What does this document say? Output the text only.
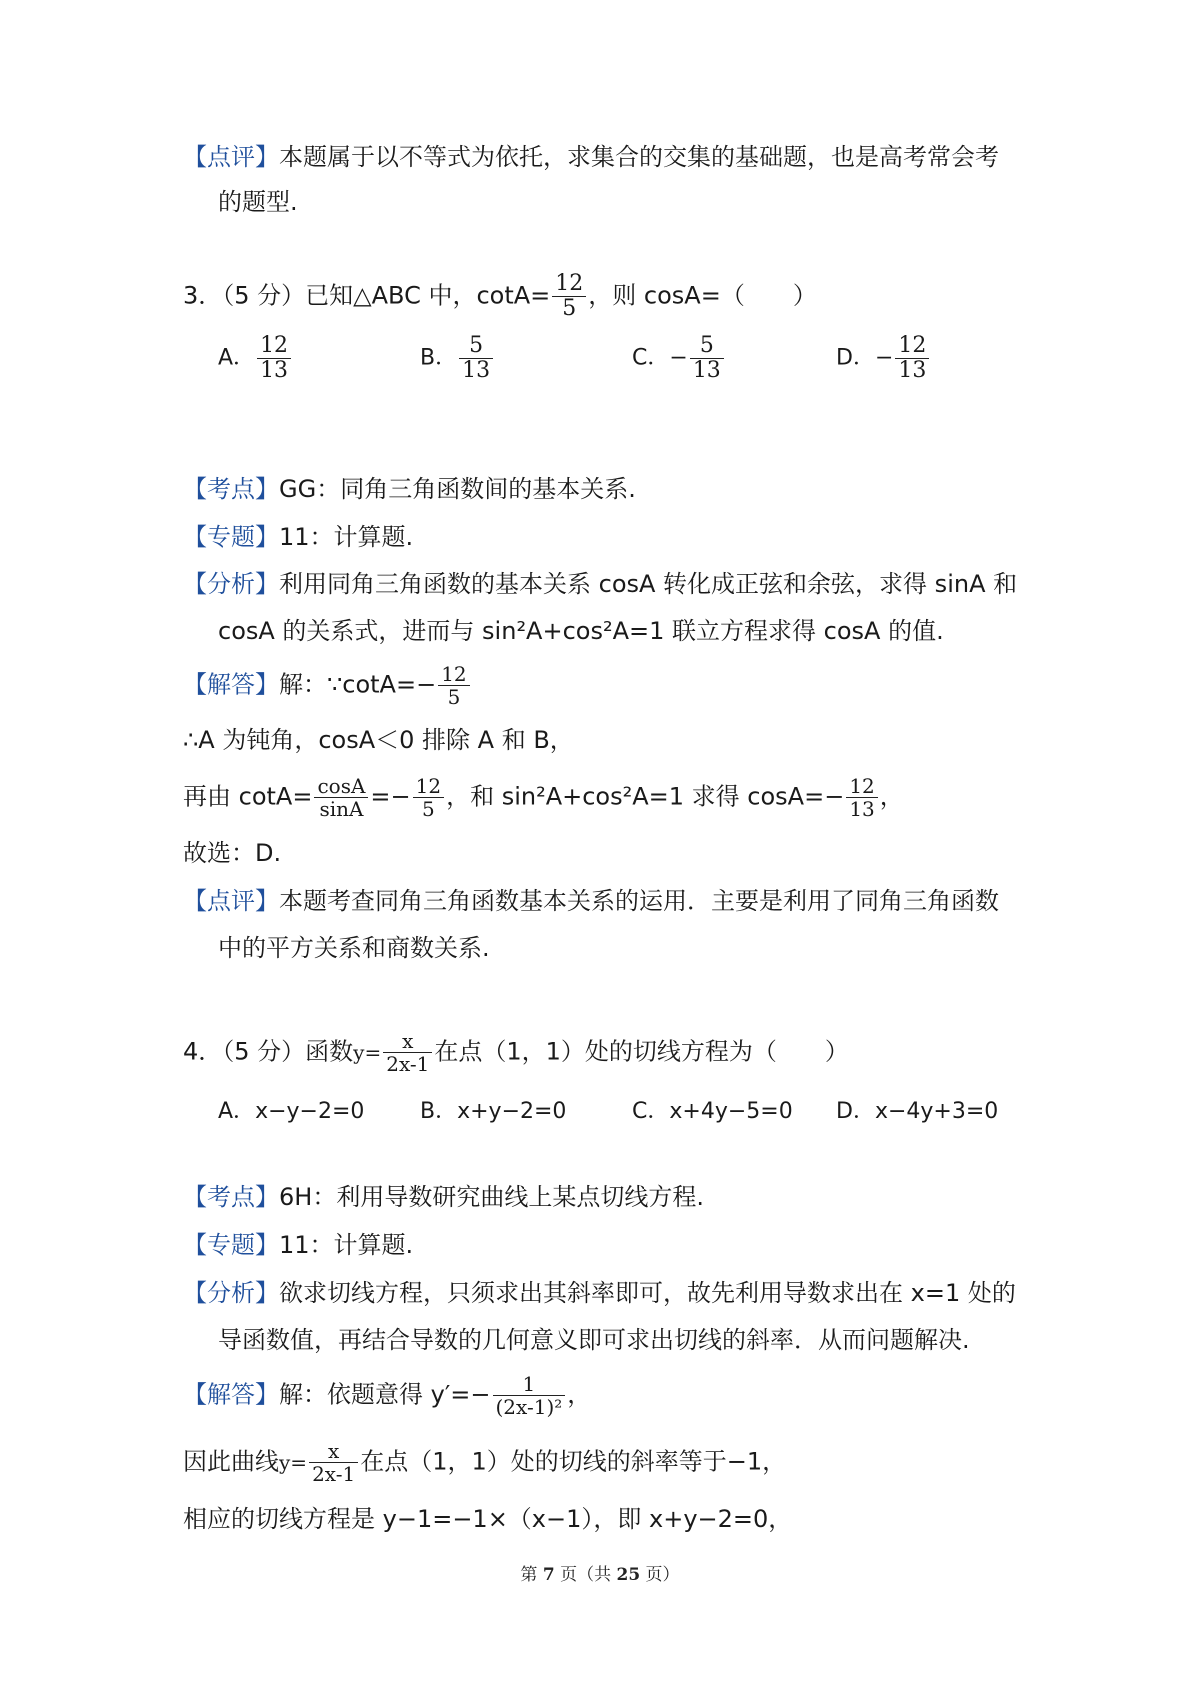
【点评】本题属于以不等式为依托，求集合的交集的基础题，也是高考常会考
的题型.
3．（5 分）已知△ABC 中，$\cot A= \frac{12}{5}$ ，则 cosA=（　　）
A． $\frac{12}{13}$	B． $\frac{5}{13}$	C．− $\frac{5}{13}$	D．− $\frac{12}{13}$
【考点】GG：同角三角函数间的基本关系.
【专题】11：计算题.
【分析】利用同角三角函数的基本关系 cosA 转化成正弦和余弦，求得 sinA 和
cosA 的关系式，进而与 sin²A+cos²A=1 联立方程求得 cosA 的值.
【解答】解：∵cotA=− $\frac{12}{5}$
∴A 为钝角，cosA＜0 排除 A 和 B，
再由 $\cot A= \frac{\cos A}{\sin A} =- \frac{12}{5}$ ，和 sin²A+cos²A=1 求得 $\cos A=- \frac{12}{13}$ ，
故选：D.
【点评】本题考查同角三角函数基本关系的运用．主要是利用了同角三角函数
中的平方关系和商数关系.
4．（5 分）函数$y= \frac{x}{2x-1}$ 在点（1，1）处的切线方程为（　　）
A．x−y−2=0	B．x+y−2=0	C．x+4y−5=0 D．x−4y+3=0
【考点】6H：利用导数研究曲线上某点切线方程.
【专题】11：计算题.
【分析】欲求切线方程，只须求出其斜率即可，故先利用导数求出在 x=1 处的
导函数值，再结合导数的几何意义即可求出切线的斜率．从而问题解决.
【解答】解：依题意得 $y'=- \frac{1}{\text{(2x-1)²}}$ ，
因此曲线$y= \frac{x}{2x-1}$ 在点（1，1）处的切线的斜率等于−1，
相应的切线方程是 y−1=−1×（x−1），即 x+y−2=0，
第 7 页（共 25 页）
